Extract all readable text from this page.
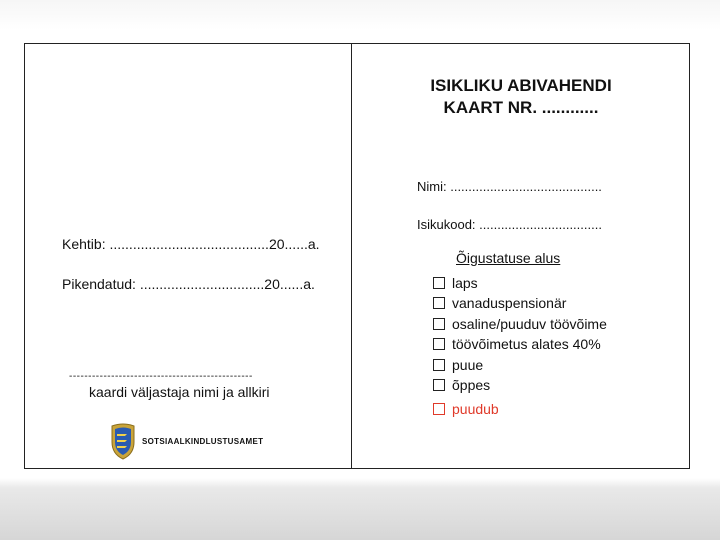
Kehtib: .........................................20......a.
Pikendatud: ................................20......a.
------------------------------------------------
kaardi väljastaja nimi ja allkiri
SOTSIAALKINDLUSTUSAMET
ISIKLIKU ABIVAHENDI
KAART NR. ............
Nimi: ..........................................
Isikukood: ..................................
Õigustatuse alus
laps
vanaduspensionär
osaline/puuduv töövõime
töövõimetus alates 40%
puue
õppes
puudub
